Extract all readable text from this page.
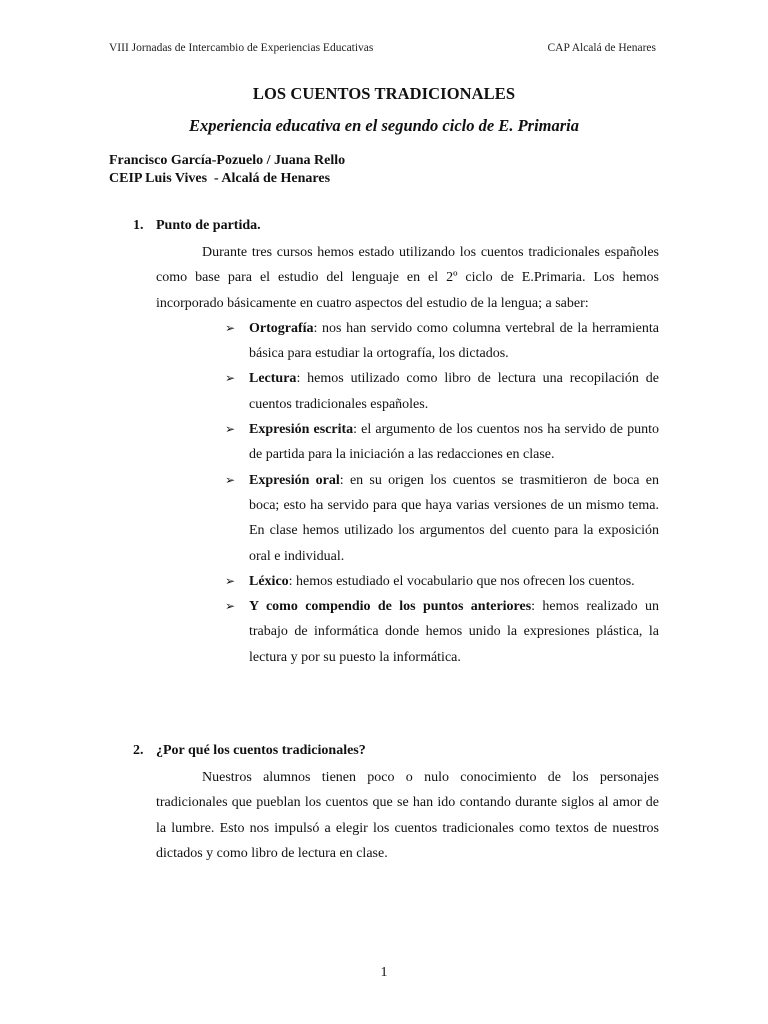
VIII Jornadas de Intercambio de Experiencias Educativas	CAP Alcalá de Henares
LOS CUENTOS TRADICIONALES
Experiencia educativa en el segundo ciclo de E. Primaria
Francisco García-Pozuelo / Juana Rello
CEIP Luis Vives  - Alcalá de Henares
1. Punto de partida.
Durante tres cursos hemos estado utilizando los cuentos tradicionales españoles como base para el estudio del lenguaje en el 2º ciclo de E.Primaria. Los hemos incorporado básicamente en cuatro aspectos del estudio de la lengua; a saber:
➢ Ortografía: nos han servido como columna vertebral de la herramienta básica para estudiar la ortografía, los dictados.
➢ Lectura: hemos utilizado como libro de lectura una recopilación de cuentos tradicionales españoles.
➢ Expresión escrita: el argumento de los cuentos nos ha servido de punto de partida para la iniciación a las redacciones en clase.
➢ Expresión oral: en su origen los cuentos se trasmitieron de boca en boca; esto ha servido para que haya varias versiones de un mismo tema. En clase hemos utilizado los argumentos del cuento para la exposición oral e individual.
➢ Léxico: hemos estudiado el vocabulario que nos ofrecen los cuentos.
➢ Y como compendio de los puntos anteriores: hemos realizado un trabajo de informática donde hemos unido la expresiones plástica, la lectura y por su puesto la informática.
2. ¿Por qué los cuentos tradicionales?
Nuestros alumnos tienen poco o nulo conocimiento de los personajes tradicionales que pueblan los cuentos que se han ido contando durante siglos al amor de la lumbre. Esto nos impulsó a elegir los cuentos tradicionales como textos de nuestros dictados y como libro de lectura en clase.
1
